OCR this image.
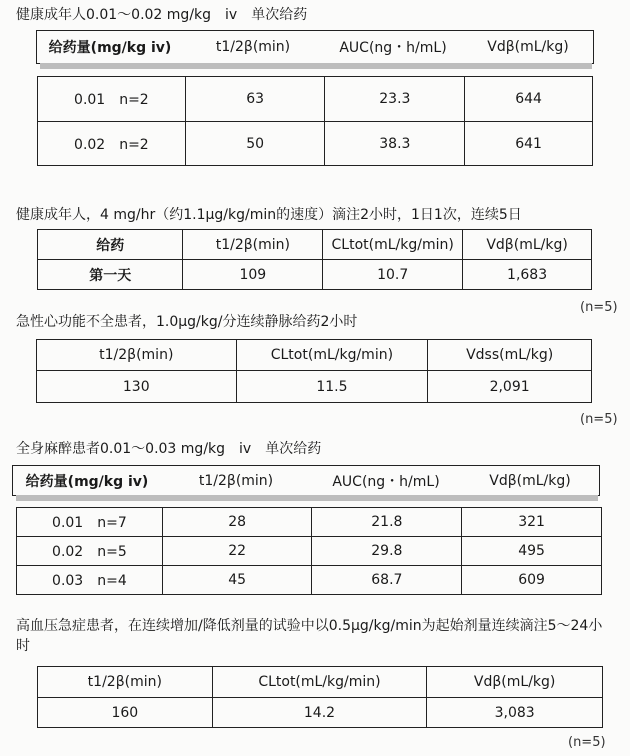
健康成年人0.01～0.02 mg/kg　iv　单次给药
给药量(mg/kg iv)	t1/2β(min)	AUC(ng・h/mL)	Vdβ(mL/kg)
0.01　n=2	63	23.3	644
0.02　n=2	50	38.3	641
健康成年人，4 mg/hr（约1.1μg/kg/min的速度）滴注2小时，1日1次，连续5日
给药	t1/2β(min)	CLtot(mL/kg/min)	Vdβ(mL/kg)
第一天	109	10.7	1,683
(n=5)
急性心功能不全患者，1.0μg/kg/分连续静脉给药2小时
t1/2β(min)	CLtot(mL/kg/min)	Vdss(mL/kg)
130	11.5	2,091
(n=5)
全身麻醉患者0.01～0.03 mg/kg　iv　单次给药
给药量(mg/kg iv)	t1/2β(min)	AUC(ng・h/mL)	Vdβ(mL/kg)
0.01　n=7	28	21.8	321
0.02　n=5	22	29.8	495
0.03　n=4	45	68.7	609
高血压急症患者，在连续增加/降低剂量的试验中以0.5μg/kg/min为起始剂量连续滴注5～24小时
t1/2β(min)	CLtot(mL/kg/min)	Vdβ(mL/kg)
160	14.2	3,083
(n=5)
